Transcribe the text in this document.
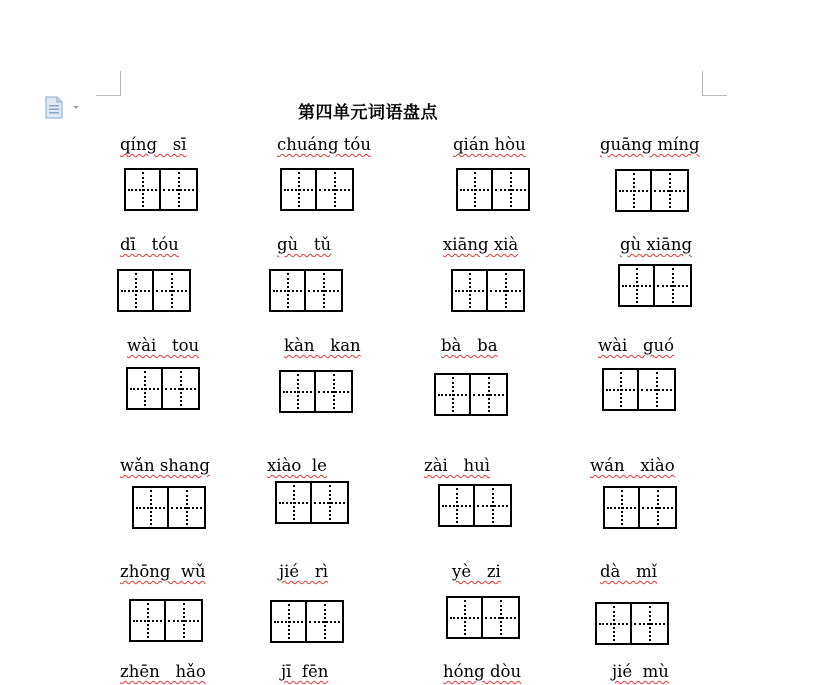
第四单元词语盘点
qíng   sī	chuáng tóu	qián hòu	guāng míng
dī   tóu	gù   tǔ	xiāng xià	gù xiāng
wài   tou	kàn   kan	bà   ba	wài   guó
wǎn shang	xiào  le	zài   huì	wán   xiào
zhōng  wǔ	jié   rì	yè   zi	dà   mǐ
zhēn   hǎo	jī  fēn	hóng dòu	jié  mù
